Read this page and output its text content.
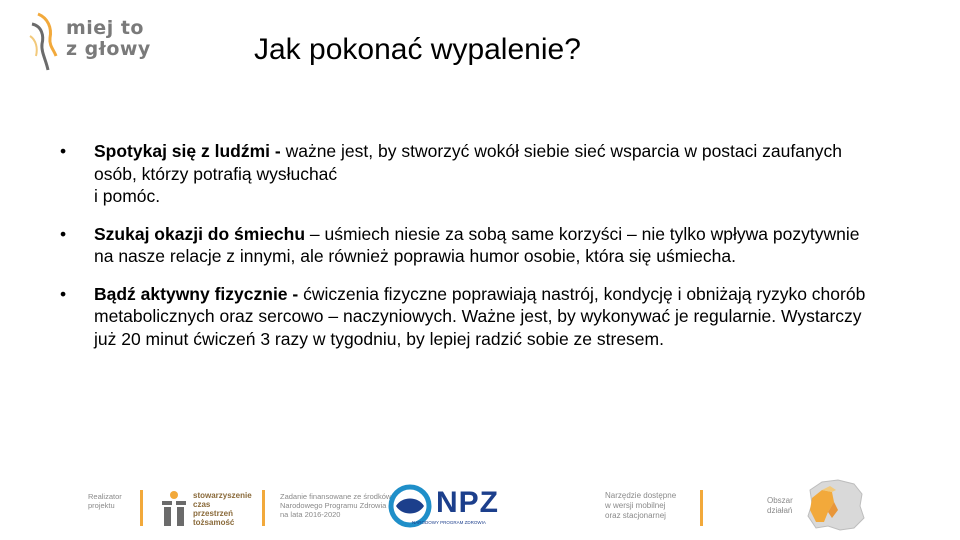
miej to
z głowy	Jak pokonać wypalenie?
• Spotykaj się z ludźmi - ważne jest, by stworzyć wokół siebie sieć wsparcia w postaci zaufanych osób, którzy potrafią wysłuchać
i pomóc.
• Szukaj okazji do śmiechu – uśmiech niesie za sobą same korzyści – nie tylko wpływa pozytywnie na nasze relacje z innymi, ale również poprawia humor osobie, która się uśmiecha.
• Bądź aktywny fizycznie - ćwiczenia fizyczne poprawiają nastrój, kondycję i obniżają ryzyko chorób metabolicznych oraz sercowo – naczyniowych. Ważne jest, by wykonywać je regularnie. Wystarczy już 20 minut ćwiczeń 3 razy w tygodniu, by lepiej radzić sobie ze stresem.
Realizator
projektu
stowarzyszenie
czas
przestrzeń
tożsamość
Zadanie finansowane ze środków
Narodowego Programu Zdrowia
na lata 2016-2020	NPZ
NARODOWY PROGRAM ZDROWIA
Narzędzie dostępne
w wersji mobilnej
oraz stacjonarnej
Obszar
działań
